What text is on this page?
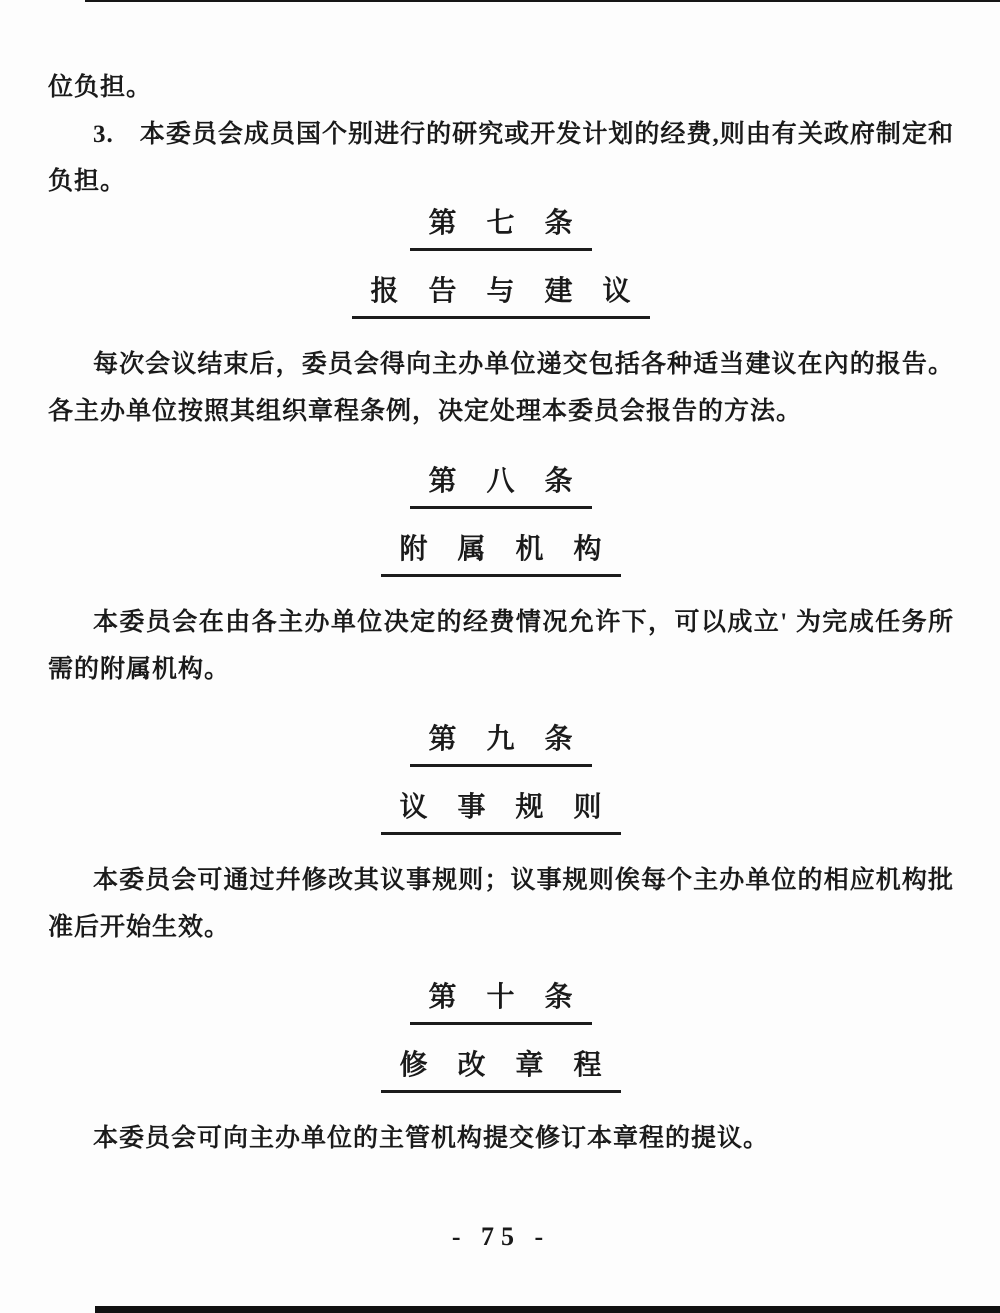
位负担。

3.　本委员会成员国个别进行的研究或开发计划的经费,则由有关政府制定和负担。

第　七　条
报　告　与　建　议

每次会议结束后，委员会得向主办单位递交包括各种适当建议在內的报告。各主办单位按照其组织章程条例，决定处理本委员会报告的方法。

第　八　条
附　属　机　构

本委员会在由各主办单位决定的经费情况允许下，可以成立' 为完成任务所需的附属机构。

第　九　条
议　事　规　则

本委员会可通过幷修改其议事规则；议事规则俟每个主办单位的相应机构批准后开始生效。

第　十　条
修　改　章　程

本委员会可向主办单位的主管机构提交修订本章程的提议。

- 75 -
